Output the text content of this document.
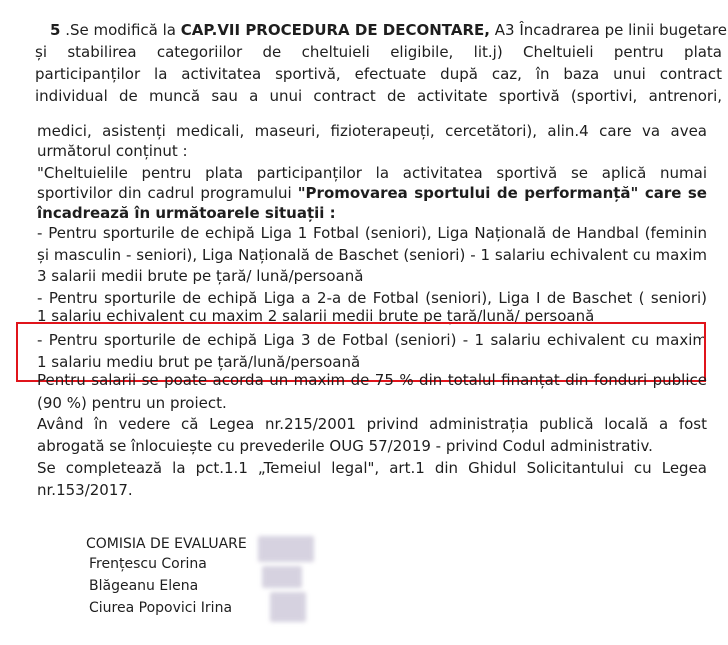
5 .Se modifică la CAP.VII PROCEDURA DE DECONTARE, A3 Încadrarea pe linii bugetare
și stabilirea categoriilor de cheltuieli eligibile, lit.j) Cheltuieli pentru plata
participanților la activitatea sportivă, efectuate după caz, în baza unui contract
individual de muncă sau a unui contract de activitate sportivă (sportivi, antrenori,
medici, asistenți medicali, maseuri, fizioterapeuți, cercetători), alin.4 care va avea
următorul conținut :
"Cheltuielile pentru plata participanților la activitatea sportivă se aplică numai
sportivilor din cadrul programului "Promovarea sportului de performanță" care se
încadrează în următoarele situații :
- Pentru sporturile de echipă Liga 1 Fotbal (seniori), Liga Națională de Handbal (feminin
și masculin - seniori), Liga Națională de Baschet (seniori) - 1 salariu echivalent cu maxim
3 salarii medii brute pe țară/ lună/persoană
- Pentru sporturile de echipă Liga a 2-a de Fotbal (seniori), Liga I de Baschet ( seniori)
1 salariu echivalent cu maxim 2 salarii medii brute pe țară/lună/ persoană
- Pentru sporturile de echipă Liga 3 de Fotbal (seniori) - 1 salariu echivalent cu maxim
1 salariu mediu brut pe țară/lună/persoană
Pentru salarii se poate acorda un maxim de 75 % din totalul finanțat din fonduri publice
(90 %) pentru un proiect.
Având în vedere că Legea nr.215/2001 privind administrația publică locală a fost
abrogată se înlocuiește cu prevederile OUG 57/2019 - privind Codul administrativ.
Se completează la pct.1.1 „Temeiul legal", art.1 din Ghidul Solicitantului cu Legea
nr.153/2017.
COMISIA DE EVALUARE
Frențescu Corina
Blăgeanu Elena
Ciurea Popovici Irina
